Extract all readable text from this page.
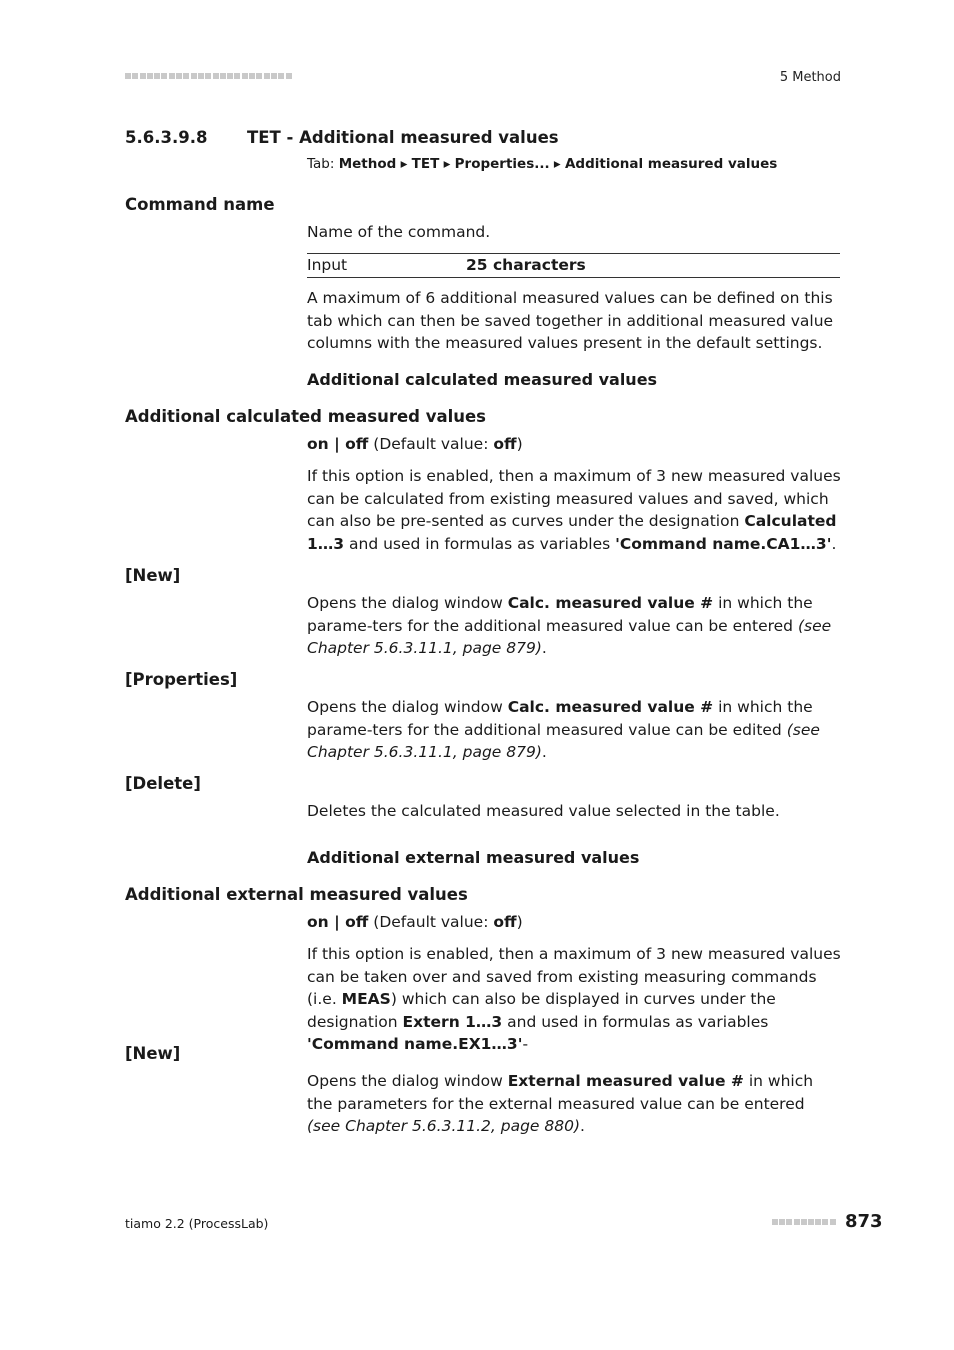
5 Method
5.6.3.9.8 TET - Additional measured values
Tab: Method ▸ TET ▸ Properties... ▸ Additional measured values
Command name
Name of the command.
Input	25 characters
A maximum of 6 additional measured values can be defined on this tab which can then be saved together in additional measured value columns with the measured values present in the default settings.
Additional calculated measured values
Additional calculated measured values
on | off (Default value: off)
If this option is enabled, then a maximum of 3 new measured values can be calculated from existing measured values and saved, which can also be pre-sented as curves under the designation Calculated 1…3 and used in formulas as variables 'Command name.CA1…3'.
[New]
Opens the dialog window Calc. measured value # in which the parame-ters for the additional measured value can be entered (see Chapter 5.6.3.11.1, page 879).
[Properties]
Opens the dialog window Calc. measured value # in which the parame-ters for the additional measured value can be edited (see Chapter 5.6.3.11.1, page 879).
[Delete]
Deletes the calculated measured value selected in the table.
Additional external measured values
Additional external measured values
on | off (Default value: off)
If this option is enabled, then a maximum of 3 new measured values can be taken over and saved from existing measuring commands (i.e. MEAS) which can also be displayed in curves under the designation Extern 1…3 and used in formulas as variables 'Command name.EX1…3'-
[New]
Opens the dialog window External measured value # in which the parameters for the external measured value can be entered (see Chapter 5.6.3.11.2, page 880).
tiamo 2.2 (ProcessLab)	873
